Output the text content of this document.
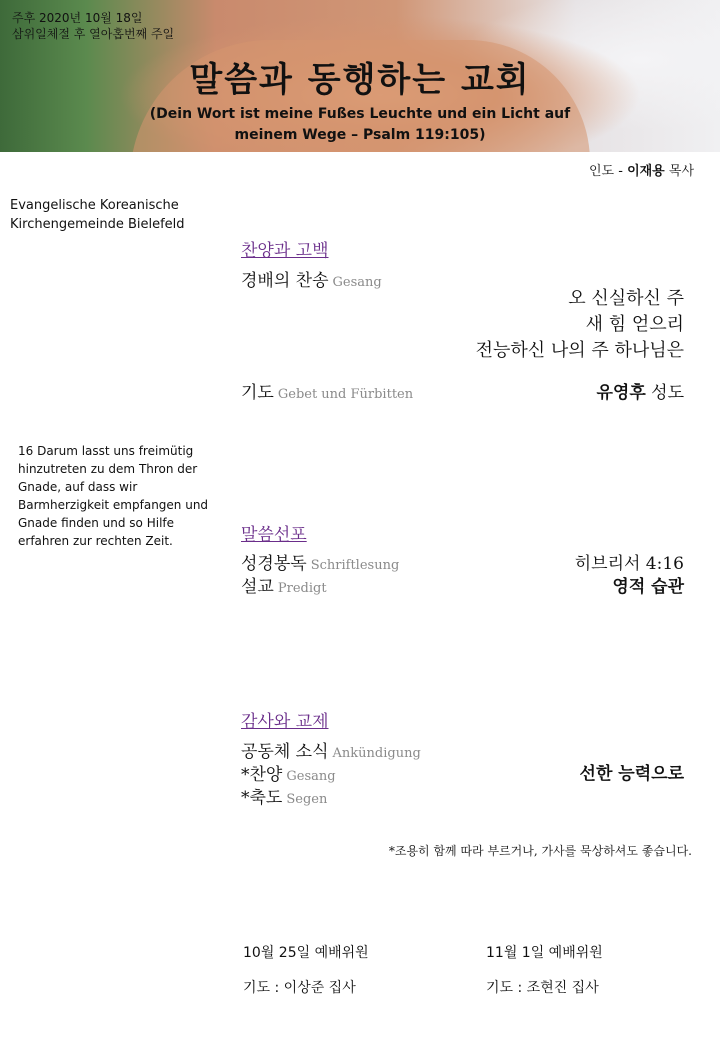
주후 2020년 10월 18일
삼위일체절 후 열아홉번째 주일
말씀과 동행하는 교회
(Dein Wort ist meine Fußes Leuchte und ein Licht auf
meinem Wege – Psalm 119:105)
인도 - 이재용 목사
Evangelische Koreanische
Kirchengemeinde Bielefeld
16 Darum lasst uns freimütig
hinzutreten zu dem Thron der
Gnade, auf dass wir
Barmherzigkeit empfangen und
Gnade finden und so Hilfe
erfahren zur rechten Zeit.
찬양과 고백
경배의 찬송 Gesang
오 신실하신 주
새 힘 얻으리
전능하신 나의 주 하나님은
기도 Gebet und Fürbitten	유영후 성도
말씀선포
성경봉독 Schriftlesung	히브리서 4:16
설교 Predigt	영적 습관
감사와 교제
공동체 소식 Ankündigung
*찬양 Gesang	선한 능력으로
*축도 Segen
*조용히 함께 따라 부르거나, 가사를 묵상하셔도 좋습니다.
10월 25일 예배위원
기도 : 이상준 집사
11월 1일 예배위원
기도 : 조현진 집사
